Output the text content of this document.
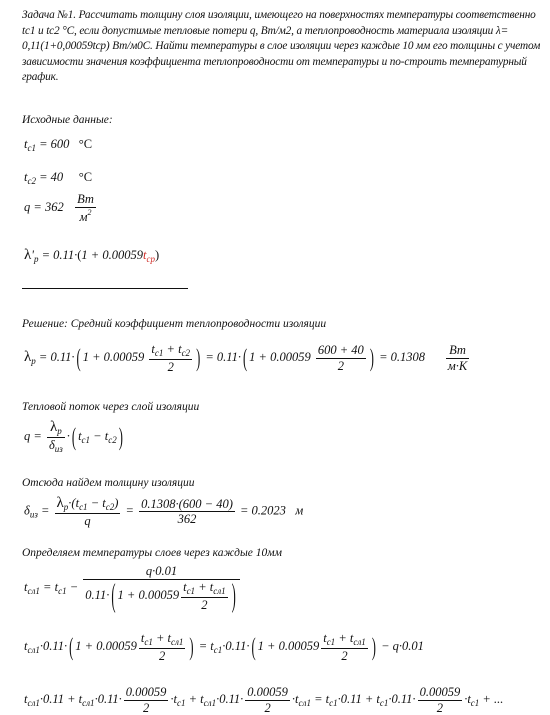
Задача №1. Рассчитать толщину слоя изоляции, имеющего на поверхностях температуры соответственно tc1 и tc2 °C, если допустимые тепловые потери q, Вт/м2, а теплопроводность материала изоляции λ= 0,11(1+0,00059tср) Вт/м0С. Найти температуры в слое изоляции через каждые 10 мм его толщины с учетом зависимости значения коэффициента теплопроводности от температуры и по-строить температурный график.
Исходные данные:
$t_{c1} = 600$ °C
$t_{c2} = 40$ °C
$q = 362 \frac{Вт}{м^2}$
$\lambda'_p = 0.11\cdot(1 + 0.00059t_{cp})$
Решение: Средний коэффициент теплопроводности изоляции
$\lambda_p = 0.11\cdot$ ( $1 + 0.00059 \frac{t_{c1} + t_{c2}}{2}$ ) = 0.11· ( $1 + 0.00059 \frac{600 + 40}{2}$ ) = $0.1308 \frac{Вт}{м\cdot К}$
Тепловой поток через слой изоляции
$q = \frac{\lambda_p}{\delta_{из}}$ · ( $t_{c1} - t_{c2}$ )
Отсюда найдем толщину изоляции
$\delta_{из} = \frac{\lambda_p\cdot(t_{c1} - t_{c2})}{q} = \frac{0.1308\cdot(600 - 40)}{362} = 0.2023$ м
Определяем температуры слоев через каждые 10мм
$t_{сл1} = t_{c1} - \frac{q\cdot 0.01}{0.11\cdot ( 1 + 0.00059 \frac{t_{c1} + t_{сл1}}{2} )}$
$t_{сл1}\cdot 0.11\cdot$ ( $1 + 0.00059 \frac{t_{c1} + t_{сл1}}{2}$ ) = $t_{c1}\cdot 0.11\cdot$ ( $1 + 0.00059 \frac{t_{c1} + t_{сл1}}{2}$ ) − q·0.01
$t_{сл1}\cdot 0.11 + t_{сл1}\cdot 0.11\cdot \frac{0.00059}{2} \cdot t_{c1} + t_{сл1}\cdot 0.11\cdot \frac{0.00059}{2} \cdot t_{сл1} = t_{c1}\cdot 0.11 + t_{c1}\cdot 0.11\cdot \frac{0.00059}{2} \cdot t_{c1}$ + ...
